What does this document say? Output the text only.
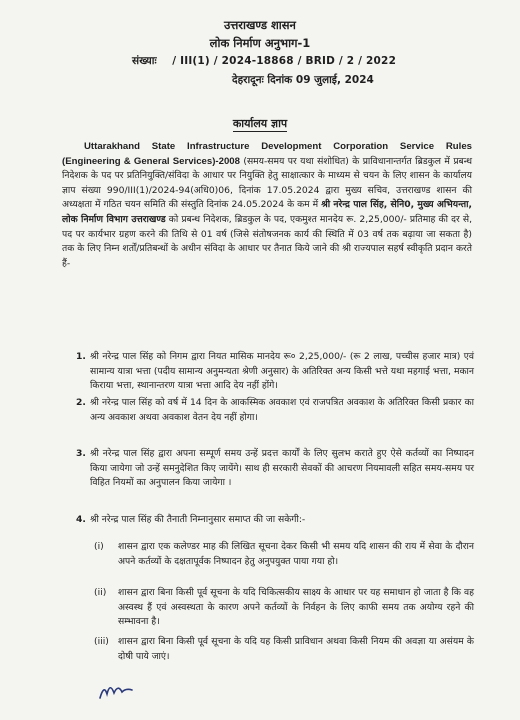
उत्तराखण्ड शासन
लोक निर्माण अनुभाग-1
संख्याः / III(1) / 2024-18868 / BRID / 2 / 2022
देहरादूनः दिनांक 09 जुलाई, 2024
कार्यालय ज्ञाप
Uttarakhand State Infrastructure Development Corporation Service Rules (Engineering & General Services)-2008 (समय-समय पर यथा संशोधित) के प्राविधानान्तर्गत ब्रिडकुल में प्रबन्ध निदेशक के पद पर प्रतिनियुक्ति/संविदा के आधार पर नियुक्ति हेतु साक्षात्कार के माध्यम से चयन के लिए शासन के कार्यालय ज्ञाप संख्या 990/III(1)/2024-94(अधि0)06, दिनांक 17.05.2024 द्वारा मुख्य सचिव, उत्तराखण्ड शासन की अध्यक्षता में गठित चयन समिति की संस्तुति दिनांक 24.05.2024 के कम में श्री नरेन्द्र पाल सिंह, सेनि0, मुख्य अभियन्ता, लोक निर्माण विभाग उत्तराखण्ड को प्रबन्ध निदेशक, ब्रिडकुल के पद, एकमुश्त मानदेय रू. 2,25,000/- प्रतिमाह की दर से, पद पर कार्यभार ग्रहण करने की तिथि से 01 वर्ष (जिसे संतोषजनक कार्य की स्थिति में 03 वर्ष तक बढ़ाया जा सकता है) तक के लिए निम्न शर्तों/प्रतिबन्धों के अधीन संविदा के आधार पर तैनात किये जाने की श्री राज्यपाल सहर्ष स्वीकृति प्रदान करते हैं-
1. श्री नरेन्द्र पाल सिंह को निगम द्वारा नियत मासिक मानदेय रू० 2,25,000/- (रू 2 लाख, पच्चीस हजार मात्र) एवं सामान्य यात्रा भत्ता (पदीय सामान्य अनुमन्यता श्रेणी अनुसार) के अतिरिक्त अन्य किसी भत्ते यथा महगाई भत्ता, मकान किराया भत्ता, स्थानान्तरण यात्रा भत्ता आदि देय नहीं होंगे।
2. श्री नरेन्द्र पाल सिंह को वर्ष में 14 दिन के आकस्मिक अवकाश एवं राजपत्रित अवकाश के अतिरिक्त किसी प्रकार का अन्य अवकाश अथवा अवकाश वेतन देय नहीं होगा।
3. श्री नरेन्द्र पाल सिंह द्वारा अपना सम्पूर्ण समय उन्हें प्रदत्त कार्यों के लिए सुलभ कराते हुए ऐसे कर्तव्यों का निष्पादन किया जायेगा जो उन्हें समनुदेशित किए जायेंगे। साथ ही सरकारी सेवकों की आचरण नियमावली सहित समय-समय पर विहित नियमों का अनुपालन किया जायेगा ।
4. श्री नरेन्द्र पाल सिंह की तैनाती निम्नानुसार समाप्त की जा सकेगी:-
(i) शासन द्वारा एक कलेण्डर माह की लिखित सूचना देकर किसी भी समय यदि शासन की राय में सेवा के दौरान अपने कर्तव्यों के दक्षतापूर्वक निष्पादन हेतु अनुपयुक्त पाया गया हो।
(ii) शासन द्वारा बिना किसी पूर्व सूचना के यदि चिकित्सकीय साक्ष्य के आधार पर यह समाधान हो जाता है कि वह अस्वस्थ हैं एवं अस्वस्थता के कारण अपने कर्तव्यों के निर्वहन के लिए काफी समय तक अयोग्य रहने की सम्भावना है।
(iii) शासन द्वारा बिना किसी पूर्व सूचना के यदि यह किसी प्राविधान अथवा किसी नियम की अवज्ञा या असंयम के दोषी पाये जाएं।
